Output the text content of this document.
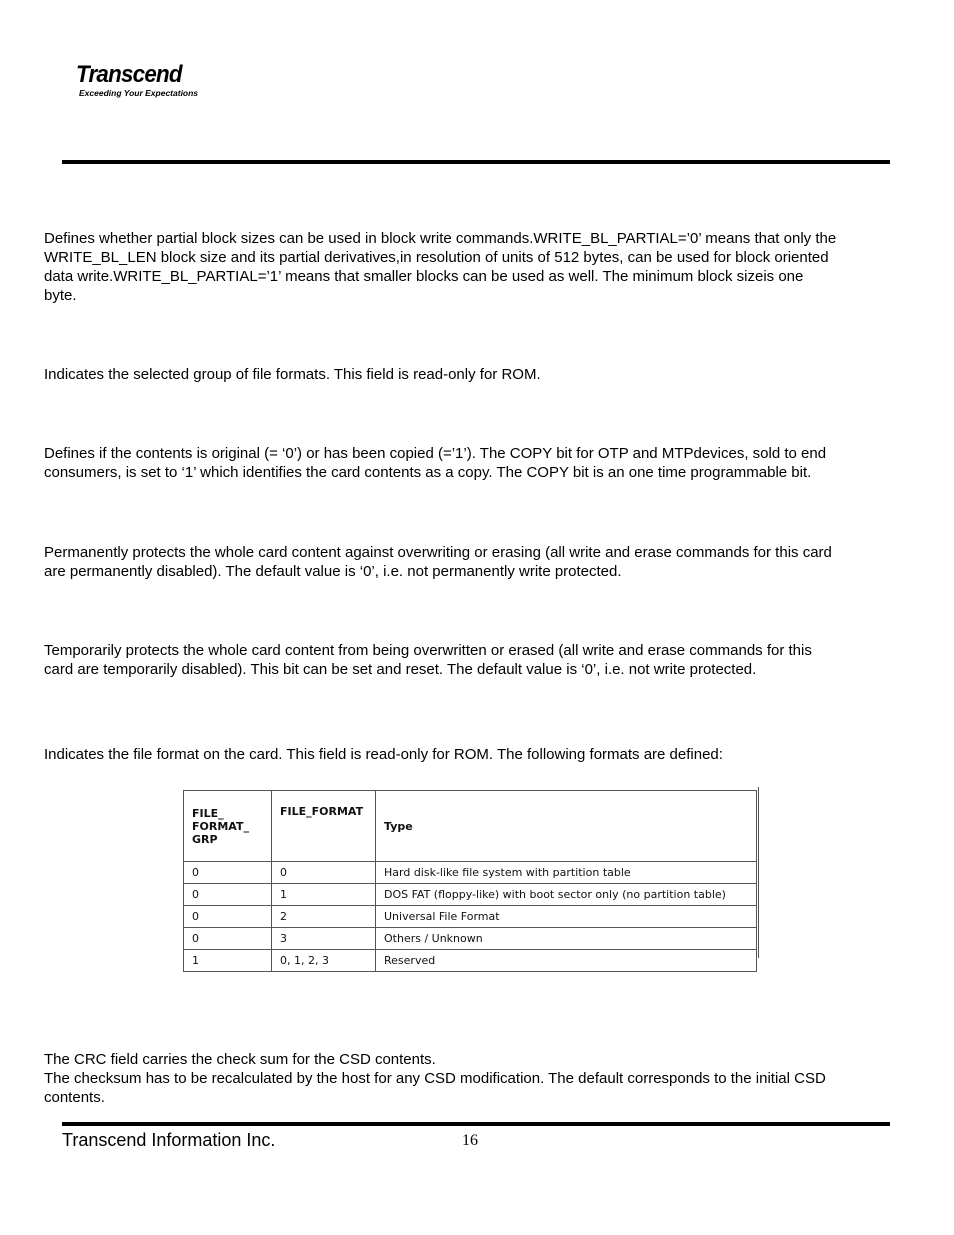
Transcend
Exceeding Your Expectations

Defines whether partial block sizes can be used in block write commands.WRITE_BL_PARTIAL=’0’ means that only the
WRITE_BL_LEN block size and its partial derivatives,in resolution of units of 512 bytes, can be used for block oriented
data write.WRITE_BL_PARTIAL=’1’ means that smaller blocks can be used as well. The minimum block sizeis one
byte.

Indicates the selected group of file formats. This field is read-only for ROM.

Defines if the contents is original (= ‘0’) or has been copied (=’1’). The COPY bit for OTP and MTPdevices, sold to end
consumers, is set to ‘1’ which identifies the card contents as a copy. The COPY bit is an one time programmable bit.

Permanently protects the whole card content against overwriting or erasing (all write and erase commands for this card
are permanently disabled). The default value is ‘0’, i.e. not permanently write protected.

Temporarily protects the whole card content from being overwritten or erased (all write and erase commands for this
card are temporarily disabled). This bit can be set and reset. The default value is ‘0’, i.e. not write protected.

Indicates the file format on the card. This field is read-only for ROM. The following formats are defined:

FILE_
FORMAT_
GRP	FILE_FORMAT	Type
0	0	Hard disk-like file system with partition table
0	1	DOS FAT (floppy-like) with boot sector only (no partition table)
0	2	Universal File Format
0	3	Others / Unknown
1	0, 1, 2, 3	Reserved

The CRC field carries the check sum for the CSD contents.
The checksum has to be recalculated by the host for any CSD modification. The default corresponds to the initial CSD
contents.

Transcend Information Inc.	16
